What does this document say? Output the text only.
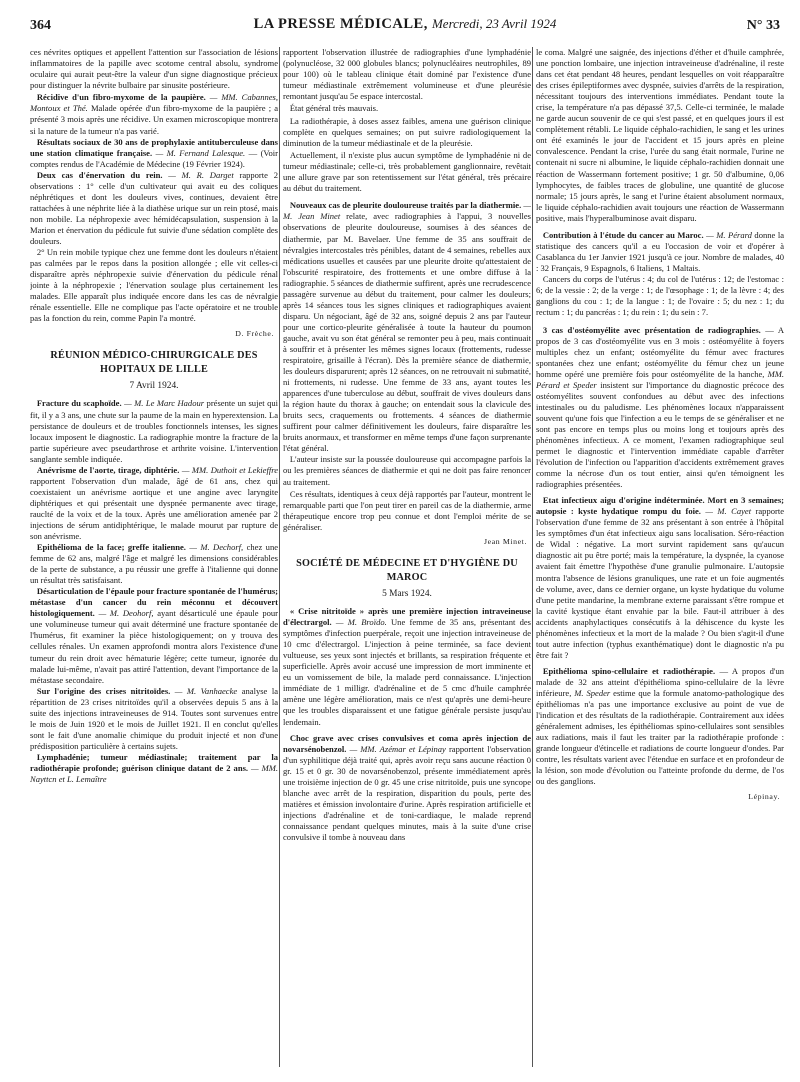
364	LA PRESSE MÉDICALE, Mercredi, 23 Avril 1924	N° 33

ces névrites optiques et appellent l'attention sur l'association de lésions inflammatoires de la papille avec scotome central absolu, syndrome oculaire qui aurait peut-être la valeur d'un signe diagnostique précieux pour distinguer la névrite bulbaire par sinusite postérieure.

Récidive d'un fibro-myxome de la paupière. — MM. Cabannes, Montoux et Thé. Malade opérée d'un fibro-myxome de la paupière ; a présenté 3 mois après une récidive. Un examen microscopique montrera si la nature de la tumeur n'a pas varié.

Résultats sociaux de 30 ans de prophylaxie antituberculeuse dans une station climatique française. — M. Fernand Lalesque. — (Voir comptes rendus de l'Académie de Médecine (19 Février 1924).

Deux cas d'énervation du rein. — M. R. Darget rapporte 2 observations : 1° celle d'un cultivateur qui avait eu des coliques néphrétiques et dont les douleurs vives, continues, devaient être rattachées à une néphrite liée à la diathèse urique sur un rein ptosé, mais non mobile. La néphropexie avec hémidécapsulation, suspension à la Marion et énervation du pédicule fut suivie d'une sédation complète des douleurs.

2° Un rein mobile typique chez une femme dont les douleurs n'étaient pas calmées par le repos dans la position allongée ; elle vit celles-ci disparaître après néphropexie suivie d'énervation du pédicule rénal jointe à la néphropexie ; l'énervation soulage plus certainement les malades. Elle apparaît plus indiquée encore dans les cas de névralgie rénale essentielle. Elle ne complique pas l'acte opératoire et ne trouble pas la fonction du rein, comme Papin l'a montré.

D. Frèche.

RÉUNION MÉDICO-CHIRURGICALE DES HOPITAUX DE LILLE

7 Avril 1924.

Fracture du scaphoïde. — M. Le Marc Hadour présente un sujet qui fit, il y a 3 ans, une chute sur la paume de la main en hyperextension. La persistance de douleurs et de troubles fonctionnels intenses, les signes locaux imposent le diagnostic. La radiographie montre la fracture de la partie supérieure avec pseudarthrose et arthrite voisine. L'intervention sanglante semble indiquée.

Anévrisme de l'aorte, tirage, diphtérie. — MM. Duthoit et Lekieffre rapportent l'observation d'un malade, âgé de 61 ans, chez qui coexistaient un anévrisme aortique et une angine avec laryngite diphtériques et qui présentait une dyspnée permanente avec tirage, rauclté de la voix et de la toux. Après une amélioration amenée par 2 injections de sérum antidiphtérique, le malade mourut par rupture de son anévrisme.

Epithélioma de la face; greffe italienne. — M. Dechorf, chez une femme de 62 ans, malgré l'âge et malgré les dimensions considérables de la perte de substance, a pu réussir une greffe à l'italienne qui donne un résultat très satisfaisant.

Désarticulation de l'épaule pour fracture spontanée de l'humérus; métastase d'un cancer du rein méconnu et découvert histologiquement. — M. Deohorf, ayant désarticulé une épaule pour une volumineuse tumeur qui avait déterminé une fracture spontanée de l'humérus, fit examiner la pièce histologiquement; on y trouva des cellules rénales. Un examen approfondi montra alors l'existence d'une tumeur du rein droit avec hématurie légère; cette tumeur, ignorée du malade lui-même, n'avait pas attiré l'attention, devant l'importance de la métastase secondaire.

Sur l'origine des crises nitritoïdes. — M. Vanhaecke analyse la répartition de 23 crises nitritoïdes qu'il a observées depuis 5 ans à la suite des injections intraveineuses de 914. Toutes sont survenues entre le mois de Juin 1920 et le mois de Juillet 1921. Il en conclut qu'elles sont le fait d'une anomalie chimique du produit injecté et non d'une prédisposition particulière à certains sujets.

Lymphadénie; tumeur médiastinale; traitement par la radiothérapie profonde; guérison clinique datant de 2 ans. — MM. Nayttcn et L. Lemaître

rapportent l'observation illustrée de radiographies d'une lymphadénie (polynucléose, 32 000 globules blancs; polynucléaires neutrophiles, 89 pour 100) où le tableau clinique était dominé par l'existence d'une tumeur médiastinale extrêmement volumineuse et d'une pleurésie remontant jusqu'au 5e espace intercostal.

État général très mauvais.

La radiothérapie, à doses assez faibles, amena une guérison clinique complète en quelques semaines; on put suivre radiologiquement la diminution de la tumeur médiastinale et de la pleurésie.

Actuellement, il n'existe plus aucun symptôme de lymphadénie ni de tumeur médiastinale; celle-ci, très probablement ganglionnaire, revêtait une allure grave par son retentissement sur l'état général, très précaire au début du traitement.

Nouveaux cas de pleurite douloureuse traités par la diathermie. — M. Jean Minet relate, avec radiographies à l'appui, 3 nouvelles observations de pleurite douloureuse, soumises à des séances de diathermie, par M. Bavelaer. Une femme de 35 ans souffrait de névralgies intercostales très pénibles, datant de 4 semaines, rebelles aux médications usuelles et causées par une pleurite droite qu'attestaient de l'obscurité respiratoire, des frottements et une ombre diffuse à la radiographie. 5 séances de diathermie suffirent, après une recrudescence passagère survenue au début du traitement, pour calmer les douleurs; après 14 séances tous les signes cliniques et radiographiques avaient disparu. Un négociant, âgé de 32 ans, soigné depuis 2 ans par l'auteur pour une cortico-pleurite généralisée à toute la hauteur du poumon gauche, avait vu son état général se remonter peu à peu, mais continuait à souffrir et à présenter les mêmes signes locaux (frottements, rudesse respiratoire, grisaille à l'écran). Dès la première séance de diathermie, les douleurs disparurent; après 12 séances, on ne retrouvait ni submatité, ni frottements, ni rudesse. Une femme de 33 ans, ayant toutes les apparences d'une tuberculose au début, souffrait de vives douleurs dans la région haute du thorax à gauche; on entendait sous la clavicule des bruits secs, craquements ou frottements. 4 séances de diathermie suffirent pour calmer définitivement les douleurs, faire disparaître les bruits anormaux, et transformer en même temps d'une façon surprenante l'état général.

L'auteur insiste sur la poussée douloureuse qui accompagne parfois la ou les premières séances de diathermie et qui ne doit pas faire renoncer au traitement.

Ces résultats, identiques à ceux déjà rapportés par l'auteur, montrent le remarquable parti que l'on peut tirer en pareil cas de la diathermie, arme thérapeutique encore trop peu connue et dont l'emploi mérite de se généraliser.

Jean Minet.

SOCIÉTÉ DE MÉDECINE ET D'HYGIÈNE DU MAROC

5 Mars 1924.

« Crise nitritoïde » après une première injection intraveineuse d'électrargol. — M. Broïdo. Une femme de 35 ans, présentant des symptômes d'infection puerpérale, reçoit une injection intraveineuse de 10 cmc d'électrargol. L'injection à peine terminée, sa face devient vultueuse, ses yeux sont injectés et brillants, sa respiration fréquente et superficielle. Après avoir accusé une impression de mort imminente et eu un vomissement de bile, la malade perd connaissance. L'injection immédiate de 1 milligr. d'adrénaline et de 5 cmc d'huile camphrée amène une légère amélioration, mais ce n'est qu'après une demi-heure que les troubles disparaissent et une fatigue générale persiste jusqu'au lendemain.

Choc grave avec crises convulsives et coma après injection de novarsénobenzol. — MM. Azémar et Lépinay rapportent l'observation d'un syphilitique déjà traité qui, après avoir reçu sans aucune réaction 0 gr. 15 et 0 gr. 30 de novarsénobenzol, présente immédiatement après une troisième injection de 0 gr. 45 une crise nitritoïde, puis une syncope blanche avec arrêt de la respiration, disparition du pouls, perte des matières et émission involontaire d'urine. Après respiration artificielle et injections d'adrénaline et de toni-cardiaque, le malade reprend connaissance pendant quelques minutes, mais à la suite d'une crise convulsive il tombe à nouveau dans

le coma. Malgré une saignée, des injections d'éther et d'huile camphrée, une ponction lombaire, une injection intraveineuse d'adrénaline, il reste dans cet état pendant 48 heures, pendant lesquelles on voit réapparaître des crises épileptiformes avec dyspnée, suivies d'arrêts de la respiration, nécessitant toujours des interventions immédiates. Pendant toute la crise, la température n'a pas dépassé 37,5. Celle-ci terminée, le malade ne garde aucun souvenir de ce qui s'est passé, et en quelques jours il est complètement rétabli. Le liquide céphalo-rachidien, le sang et les urines ont été examinés le jour de l'accident et 15 jours après en pleine convalescence. Pendant la crise, l'urée du sang était normale, l'urine ne contenait ni sucre ni albumine, le liquide céphalo-rachidien donnait une réaction de Wassermann fortement positive; 1 gr. 50 d'albumine, 0,06 lymphocytes, de faibles traces de globuline, une quantité de glucose normale; 15 jours après, le sang et l'urine étaient absolument normaux, le liquide céphalo-rachidien avait toujours une réaction de Wassermann positive, mais l'hyperalbuminose avait disparu.

Contribution à l'étude du cancer au Maroc. — M. Pérard donne la statistique des cancers qu'il a eu l'occasion de voir et d'opérer à Casablanca du 1er Janvier 1921 jusqu'à ce jour. Nombre de malades, 40 : 32 Français, 9 Espagnols, 6 Italiens, 1 Maltais.

Cancers du corps de l'utérus : 4; du col de l'utérus : 12; de l'estomac : 6; de la vessie : 2; de la verge : 1; de l'œsophage : 1; de la lèvre : 4; des ganglions du cou : 1; de la langue : 1; de l'ovaire : 5; du nez : 1; du rectum : 1; du pancréas : 1; du rein : 1; du sein : 7.

3 cas d'ostéomyélite avec présentation de radiographies. — A propos de 3 cas d'ostéomyélite vus en 3 mois : ostéomyélite à foyers multiples chez un enfant; ostéomyélite du fémur avec fractures spontanées chez une enfant; ostéomyélite du fémur chez un jeune homme opéré une première fois pour ostéomyélite de la hanche, MM. Pérard et Speder insistent sur l'importance du diagnostic précoce des ostéomyélites souvent confondues au début avec des infections intestinales ou du paludisme. Les phénomènes locaux n'apparaissent souvent qu'une fois que l'infection a eu le temps de se généraliser et ne sont pas encore en temps plus ou moins long et toujours après des phénomènes infectieux. A ce moment, l'examen radiographique seul permet le diagnostic et l'intervention immédiate capable d'arrêter l'évolution de l'infection ou l'apparition d'accidents extrêmement graves comme la nécrose d'un os tout entier, ainsi qu'en témoignent les radiographies présentées.

Etat infectieux aigu d'origine indéterminée. Mort en 3 semaines; autopsie : kyste hydatique rompu du foie. — M. Cayet rapporte l'observation d'une femme de 32 ans présentant à son entrée à l'hôpital les symptômes d'un état infectieux aigu sans localisation. Séro-réaction de Widal : négative. La mort survint rapidement sans qu'aucun diagnostic ait pu être porté; mais la température, la dyspnée, la cyanose avaient fait émettre l'hypothèse d'une granulie pulmonaire. L'autopsie montra l'absence de lésions granuliques, une rate et un foie augmentés de volume, avec, dans ce dernier organe, un kyste hydatique du volume d'une petite mandarine, la membrane externe paraissant s'être rompue et la cavité kystique étant envahie par la bile. Faut-il attribuer à des accidents anaphylactiques consécutifs à la déhiscence du kyste les phénomènes infectieux et la mort de la malade ? Ou bien s'agit-il d'une tout autre infection (typhus exanthématique) dont le diagnostic n'a pu être fait ?

Epithélioma spino-cellulaire et radiothérapie. — A propos d'un malade de 32 ans atteint d'épithélioma spino-cellulaire de la lèvre inférieure, M. Speder estime que la formule anatomo-pathologique des épithéliomas n'a pas une importance exclusive au point de vue de l'indication et des résultats de la radiothérapie. Contrairement aux idées généralement admises, les épithéliomas spino-cellulaires sont sensibles aux radiations, mais il faut les traiter par la radiothérapie profonde : grande longueur d'étincelle et radiations de courte longueur d'ondes. Par contre, les résultats varient avec l'étendue en surface et en profondeur de la lésion, son mode d'évolution ou l'atteinte profonde du derme, de l'os ou des ganglions.

Lépinay.
